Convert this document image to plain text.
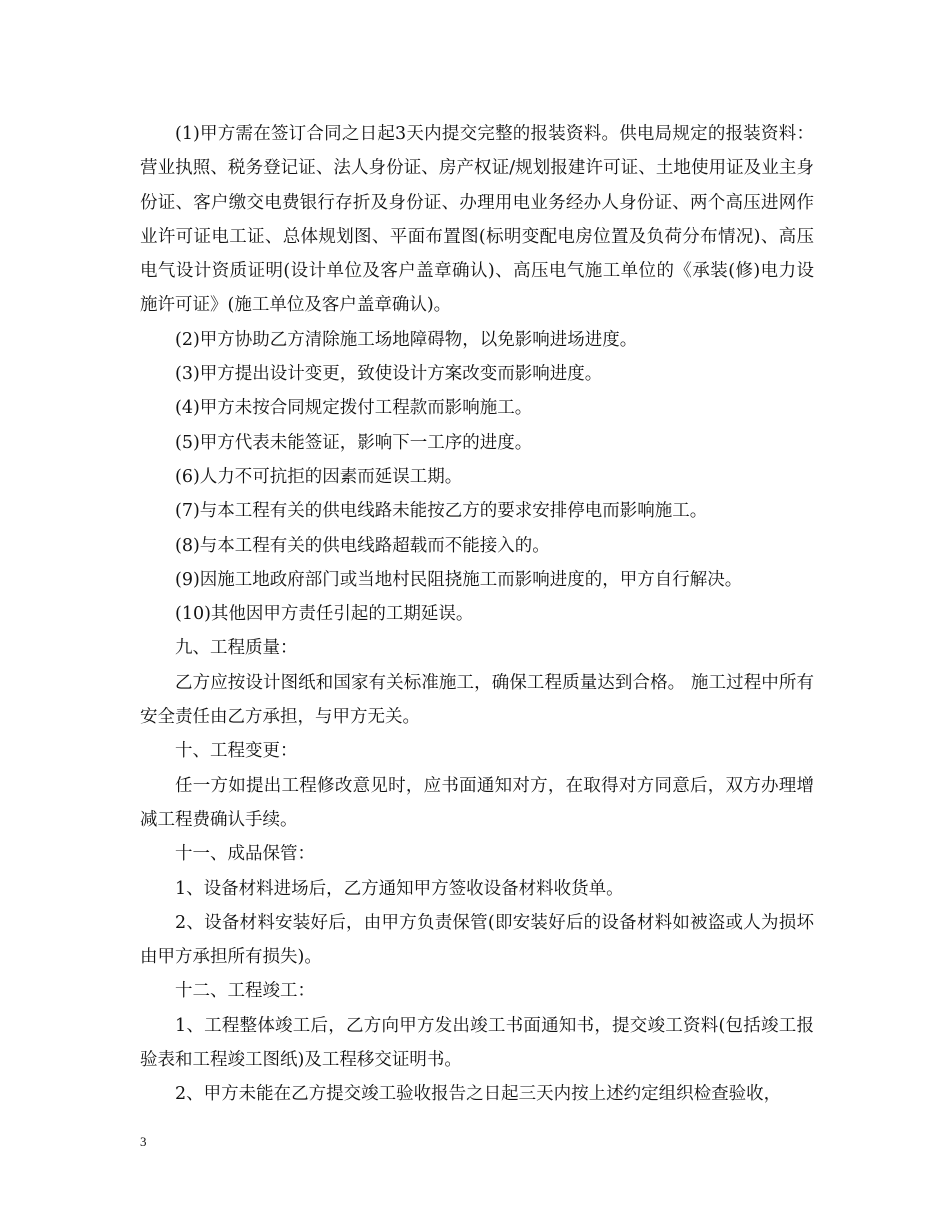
(1)甲方需在签订合同之日起3天内提交完整的报装资料。供电局规定的报装资料：营业执照、税务登记证、法人身份证、房产权证/规划报建许可证、土地使用证及业主身份证、客户缴交电费银行存折及身份证、办理用电业务经办人身份证、两个高压进网作业许可证电工证、总体规划图、平面布置图(标明变配电房位置及负荷分布情况)、高压电气设计资质证明(设计单位及客户盖章确认)、高压电气施工单位的《承装(修)电力设施许可证》(施工单位及客户盖章确认)。

(2)甲方协助乙方清除施工场地障碍物，以免影响进场进度。

(3)甲方提出设计变更，致使设计方案改变而影响进度。

(4)甲方未按合同规定拨付工程款而影响施工。

(5)甲方代表未能签证，影响下一工序的进度。

(6)人力不可抗拒的因素而延误工期。

(7)与本工程有关的供电线路未能按乙方的要求安排停电而影响施工。

(8)与本工程有关的供电线路超载而不能接入的。

(9)因施工地政府部门或当地村民阻挠施工而影响进度的，甲方自行解决。

(10)其他因甲方责任引起的工期延误。

九、工程质量：

乙方应按设计图纸和国家有关标准施工，确保工程质量达到合格。 施工过程中所有安全责任由乙方承担，与甲方无关。

十、工程变更：

任一方如提出工程修改意见时，应书面通知对方，在取得对方同意后，双方办理增减工程费确认手续。

十一、成品保管：

1、设备材料进场后，乙方通知甲方签收设备材料收货单。

2、设备材料安装好后，由甲方负责保管(即安装好后的设备材料如被盗或人为损坏由甲方承担所有损失)。

十二、工程竣工：

1、工程整体竣工后，乙方向甲方发出竣工书面通知书，提交竣工资料(包括竣工报验表和工程竣工图纸)及工程移交证明书。

2、甲方未能在乙方提交竣工验收报告之日起三天内按上述约定组织检查验收，

3
